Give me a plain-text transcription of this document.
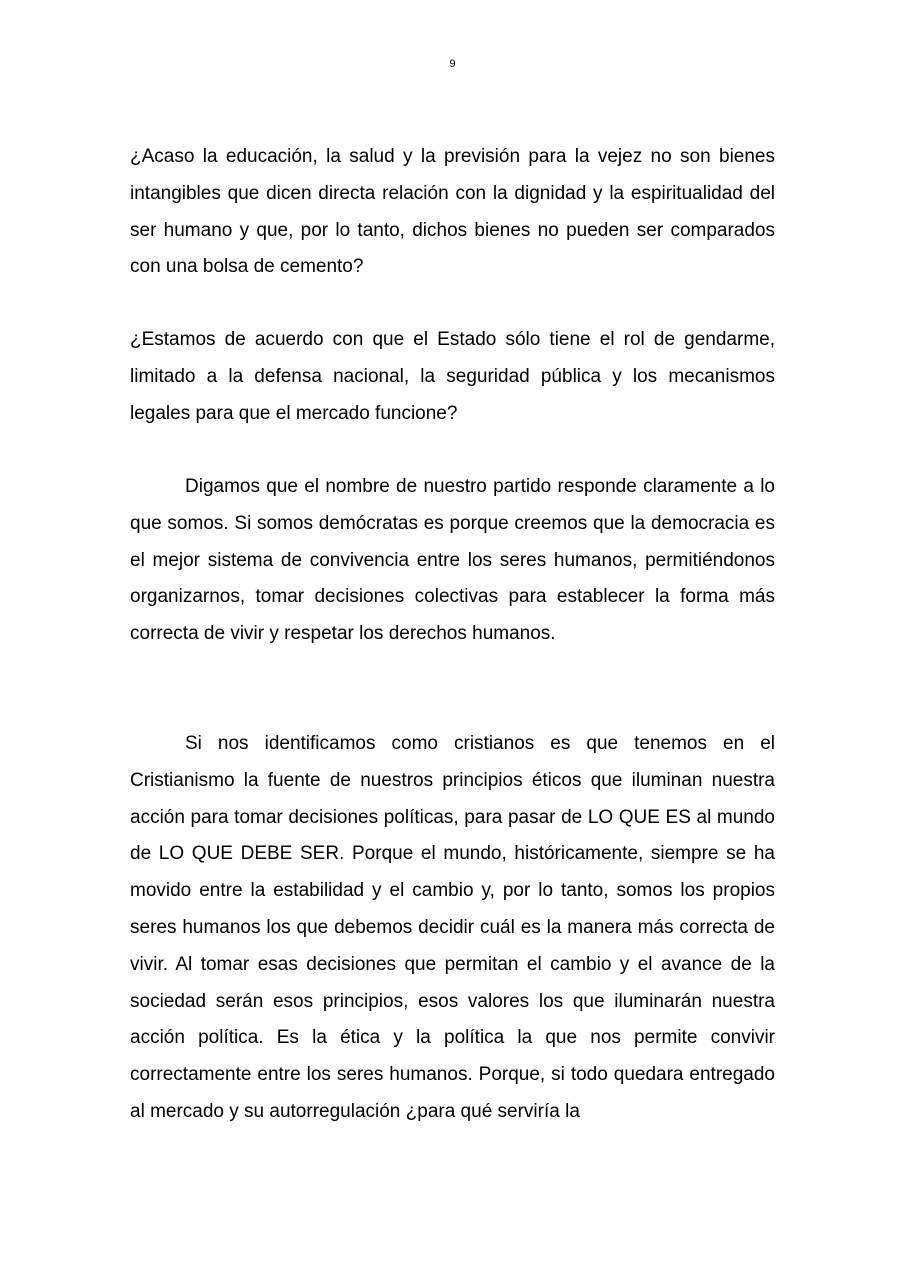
9

¿Acaso la educación, la salud y la previsión para la vejez no son bienes intangibles que dicen directa relación con la dignidad y la espiritualidad del ser humano y que, por lo tanto, dichos bienes no pueden ser comparados con una bolsa de cemento?

¿Estamos de acuerdo con que el Estado sólo tiene el rol de gendarme, limitado a la defensa nacional, la seguridad pública y los mecanismos legales para que el mercado funcione?

Digamos que el nombre de nuestro partido responde claramente a lo que somos. Si somos demócratas es porque creemos que la democracia es el mejor sistema de convivencia entre los seres humanos, permitiéndonos organizarnos, tomar decisiones colectivas para establecer la forma más correcta de vivir y respetar los derechos humanos.

Si nos identificamos como cristianos es que tenemos en el Cristianismo la fuente de nuestros principios éticos que iluminan nuestra acción para tomar decisiones políticas, para pasar de LO QUE ES al mundo de LO QUE DEBE SER. Porque el mundo, históricamente, siempre se ha movido entre la estabilidad y el cambio y, por lo tanto, somos los propios seres humanos los que debemos decidir cuál es la manera más correcta de vivir. Al tomar esas decisiones que permitan el cambio y el avance de la sociedad serán esos principios, esos valores los que iluminarán nuestra acción política. Es la ética y la política la que nos permite convivir correctamente entre los seres humanos. Porque, si todo quedara entregado al mercado y su autorregulación ¿para qué serviría la
